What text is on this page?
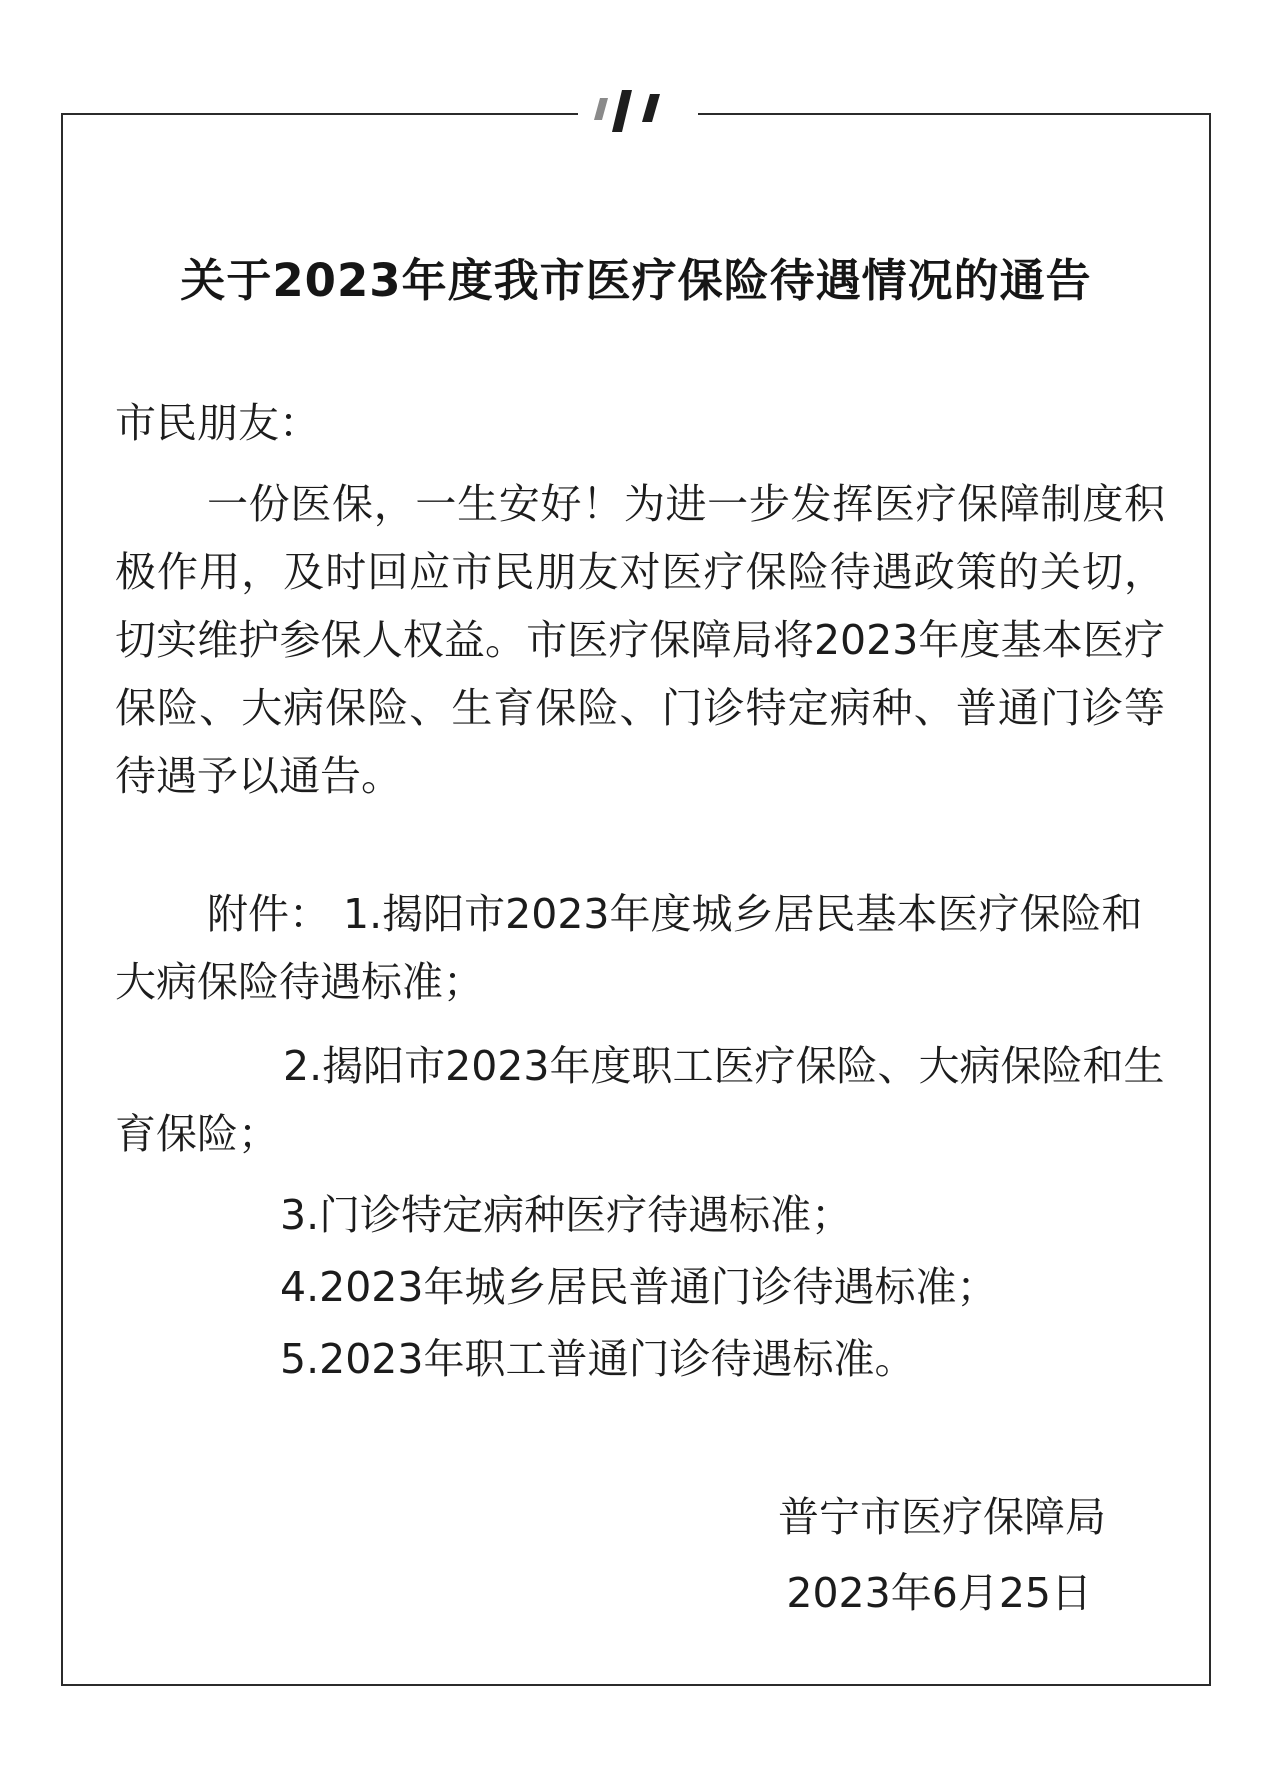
关于2023年度我市医疗保险待遇情况的通告
市民朋友：
一份医保，一生安好！为进一步发挥医疗保障制度积极作用，及时回应市民朋友对医疗保险待遇政策的关切，切实维护参保人权益。市医疗保障局将2023年度基本医疗保险、大病保险、生育保险、门诊特定病种、普通门诊等待遇予以通告。
附件： 1.揭阳市2023年度城乡居民基本医疗保险和大病保险待遇标准；
2.揭阳市2023年度职工医疗保险、大病保险和生育保险；
3.门诊特定病种医疗待遇标准；
4.2023年城乡居民普通门诊待遇标准；
5.2023年职工普通门诊待遇标准。
普宁市医疗保障局
2023年6月25日
